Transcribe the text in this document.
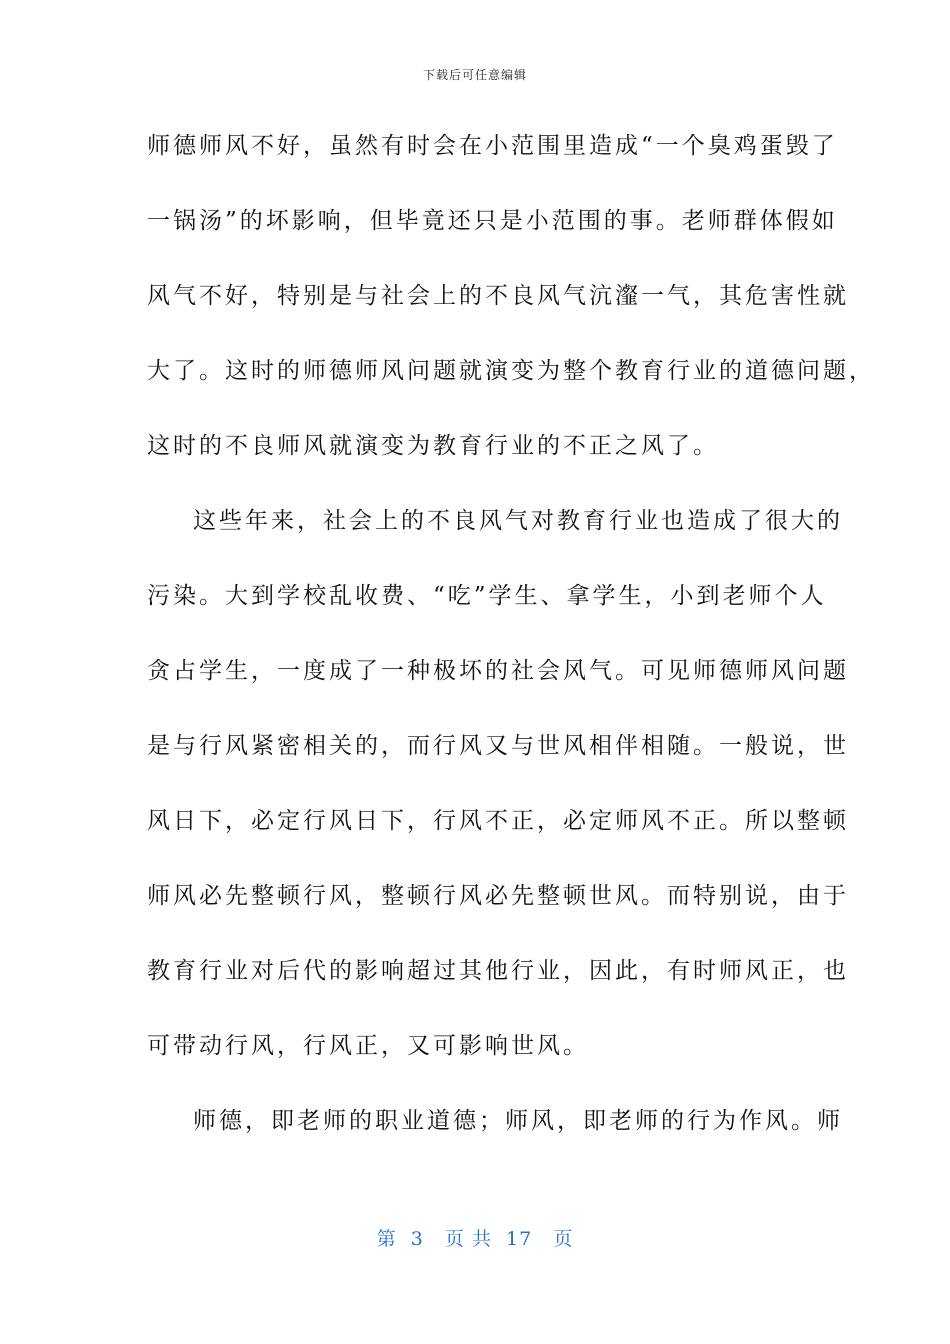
下载后可任意编辑
师德师风不好，虽然有时会在小范围里造成“一个臭鸡蛋毁了
一锅汤”的坏影响，但毕竟还只是小范围的事。老师群体假如
风气不好，特别是与社会上的不良风气沆瀣一气，其危害性就
大了。这时的师德师风问题就演变为整个教育行业的道德问题，
这时的不良师风就演变为教育行业的不正之风了。
这些年来，社会上的不良风气对教育行业也造成了很大的
污染。大到学校乱收费、“吃”学生、拿学生，小到老师个人
贪占学生，一度成了一种极坏的社会风气。可见师德师风问题
是与行风紧密相关的，而行风又与世风相伴相随。一般说，世
风日下，必定行风日下，行风不正，必定师风不正。所以整顿
师风必先整顿行风，整顿行风必先整顿世风。而特别说，由于
教育行业对后代的影响超过其他行业，因此，有时师风正，也
可带动行风，行风正，又可影响世风。
师德，即老师的职业道德；师风，即老师的行为作风。师
第  3   页 共  17   页
